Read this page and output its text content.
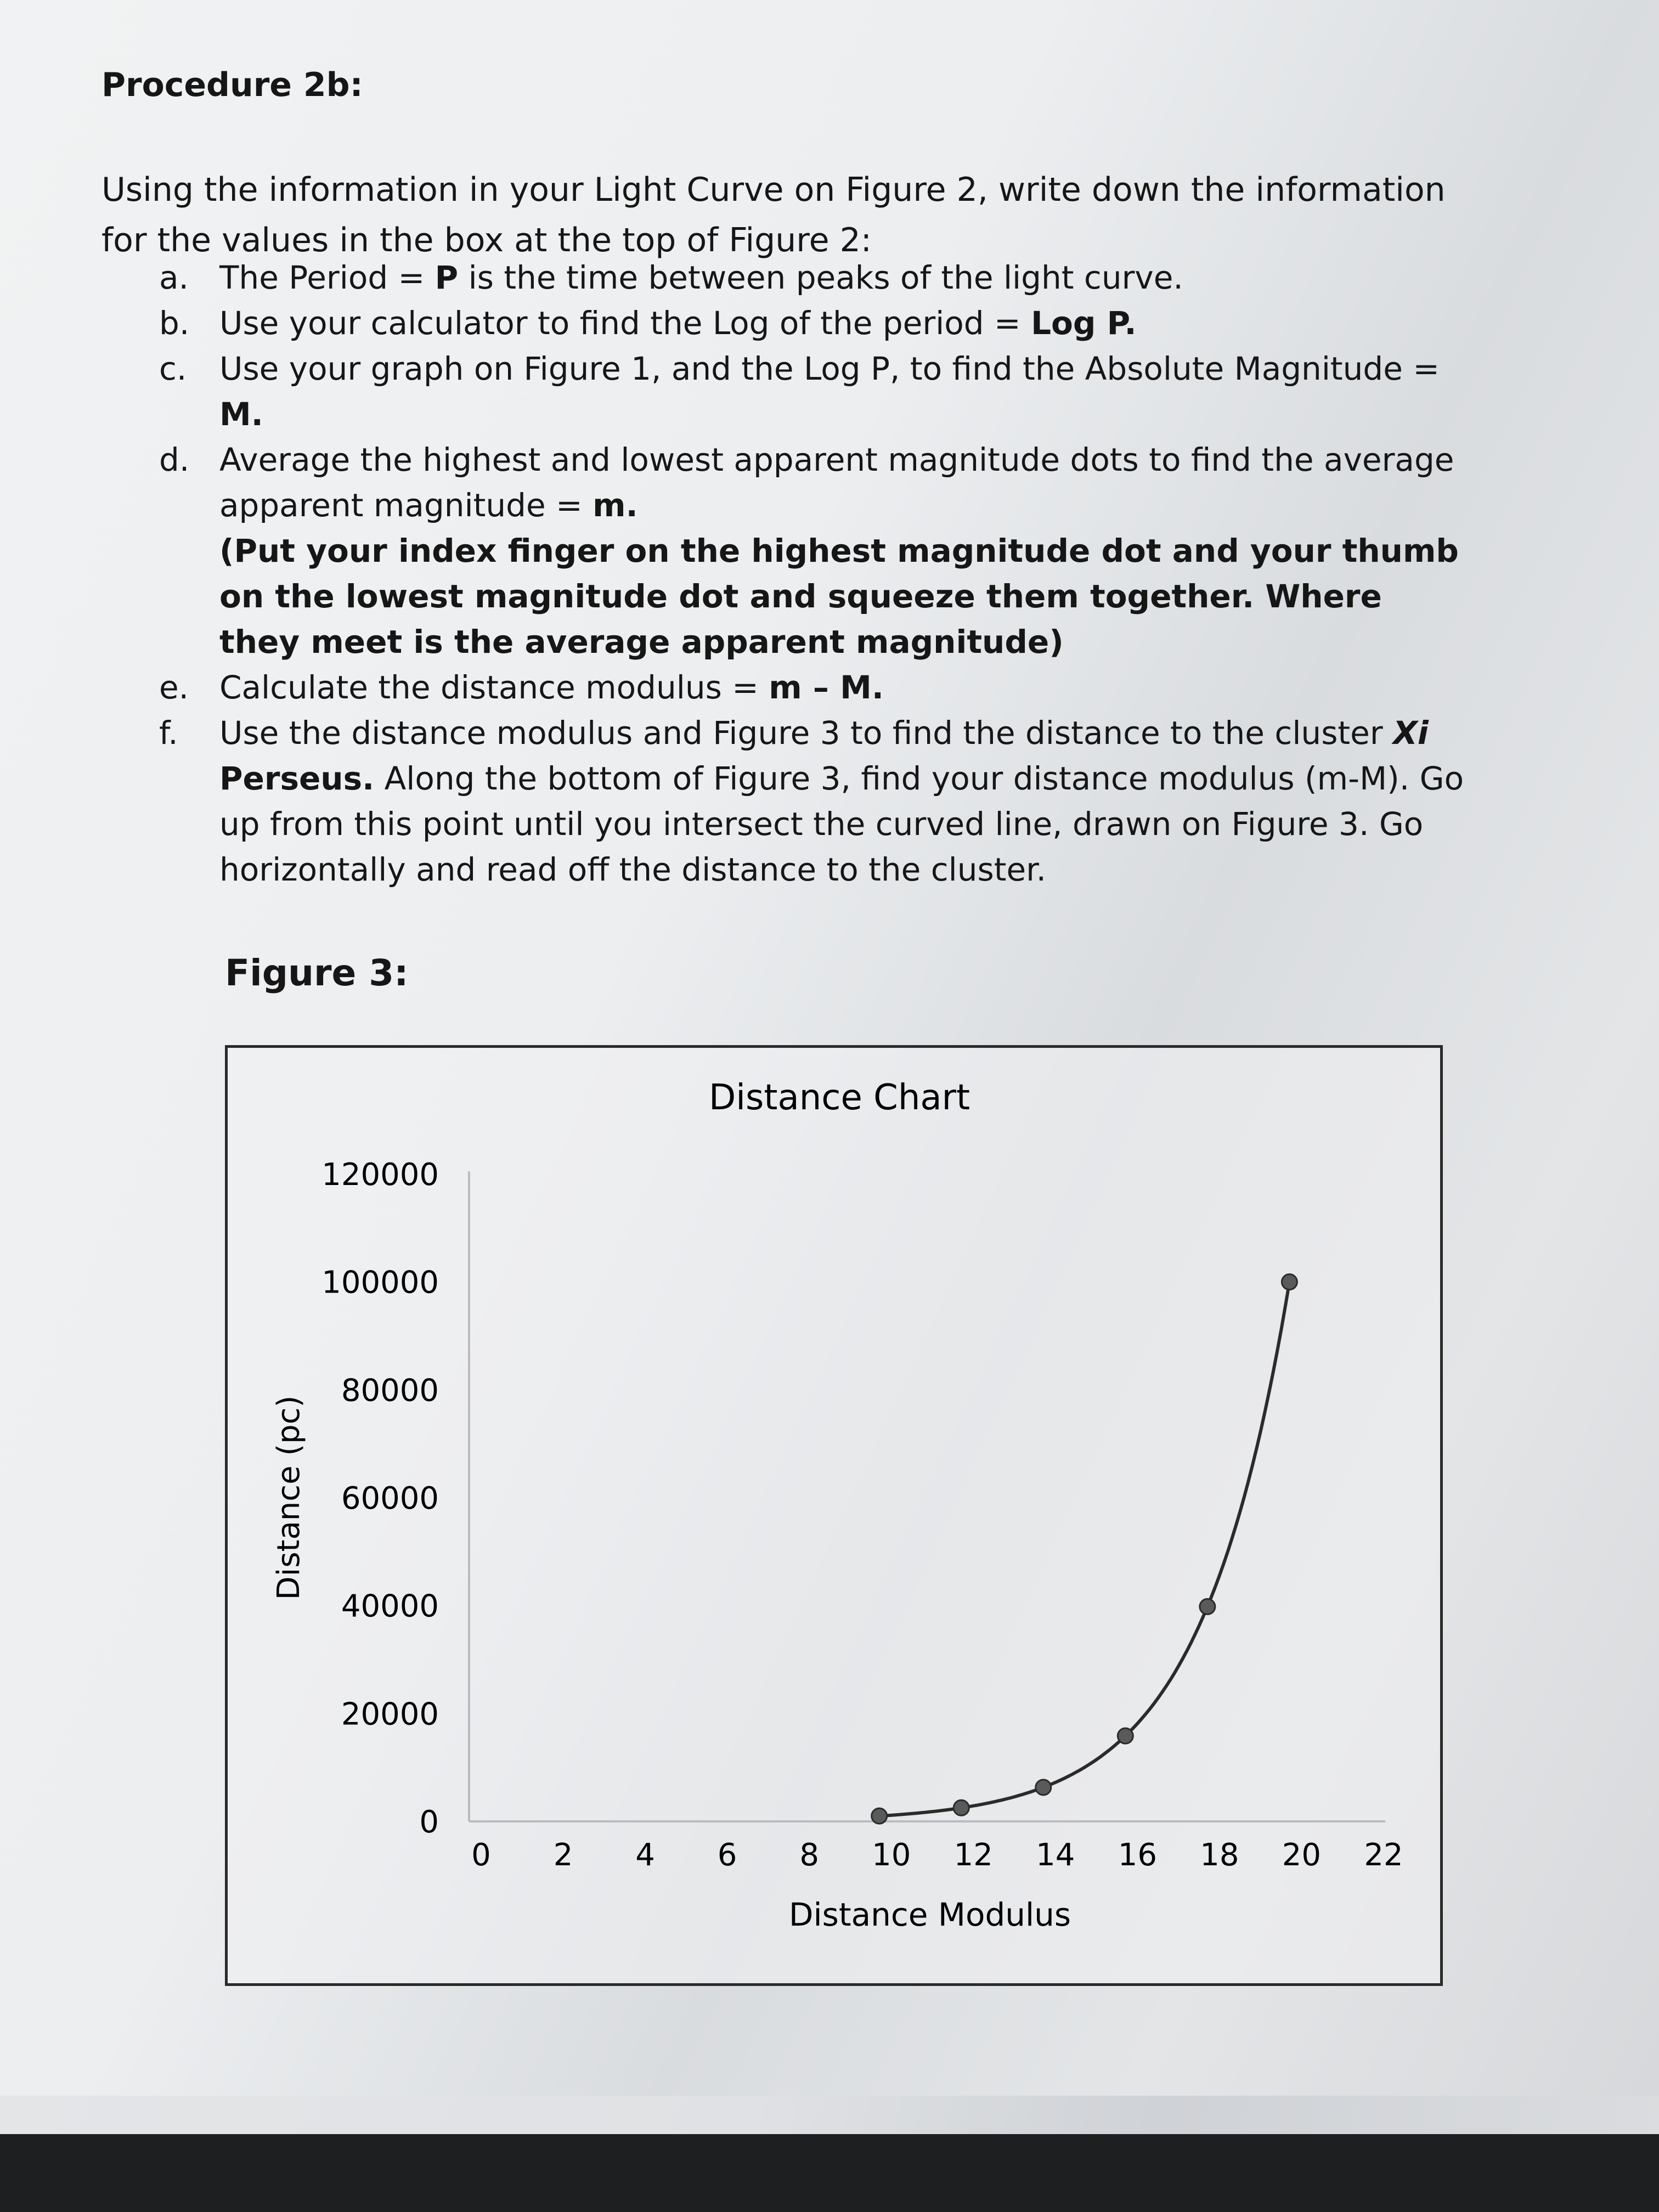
Procedure 2b:
Using the information in your Light Curve on Figure 2, write down the information for the values in the box at the top of Figure 2:
a. The Period = P is the time between peaks of the light curve.
b. Use your calculator to find the Log of the period = Log P.
c.	Use your graph on Figure 1, and the Log P, to find the Absolute Magnitude = M.
d. Average the highest and lowest apparent magnitude dots to find the average apparent magnitude = m.
(Put your index finger on the highest magnitude dot and your thumb on the lowest magnitude dot and squeeze them together. Where they meet is the average apparent magnitude)
e. Calculate the distance modulus = m – M.
f.	Use the distance modulus and Figure 3 to find the distance to the cluster Xi Perseus. Along the bottom of Figure 3, find your distance modulus (m-M). Go up from this point until you intersect the curved line, drawn on Figure 3. Go horizontally and read off the distance to the cluster.
Figure 3:
Distance Chart
0
20000
40000
60000
80000
100000
120000
0 2 4 6 8 10 12 14 16 18 20 22
Distance Modulus
Distance (pc)
